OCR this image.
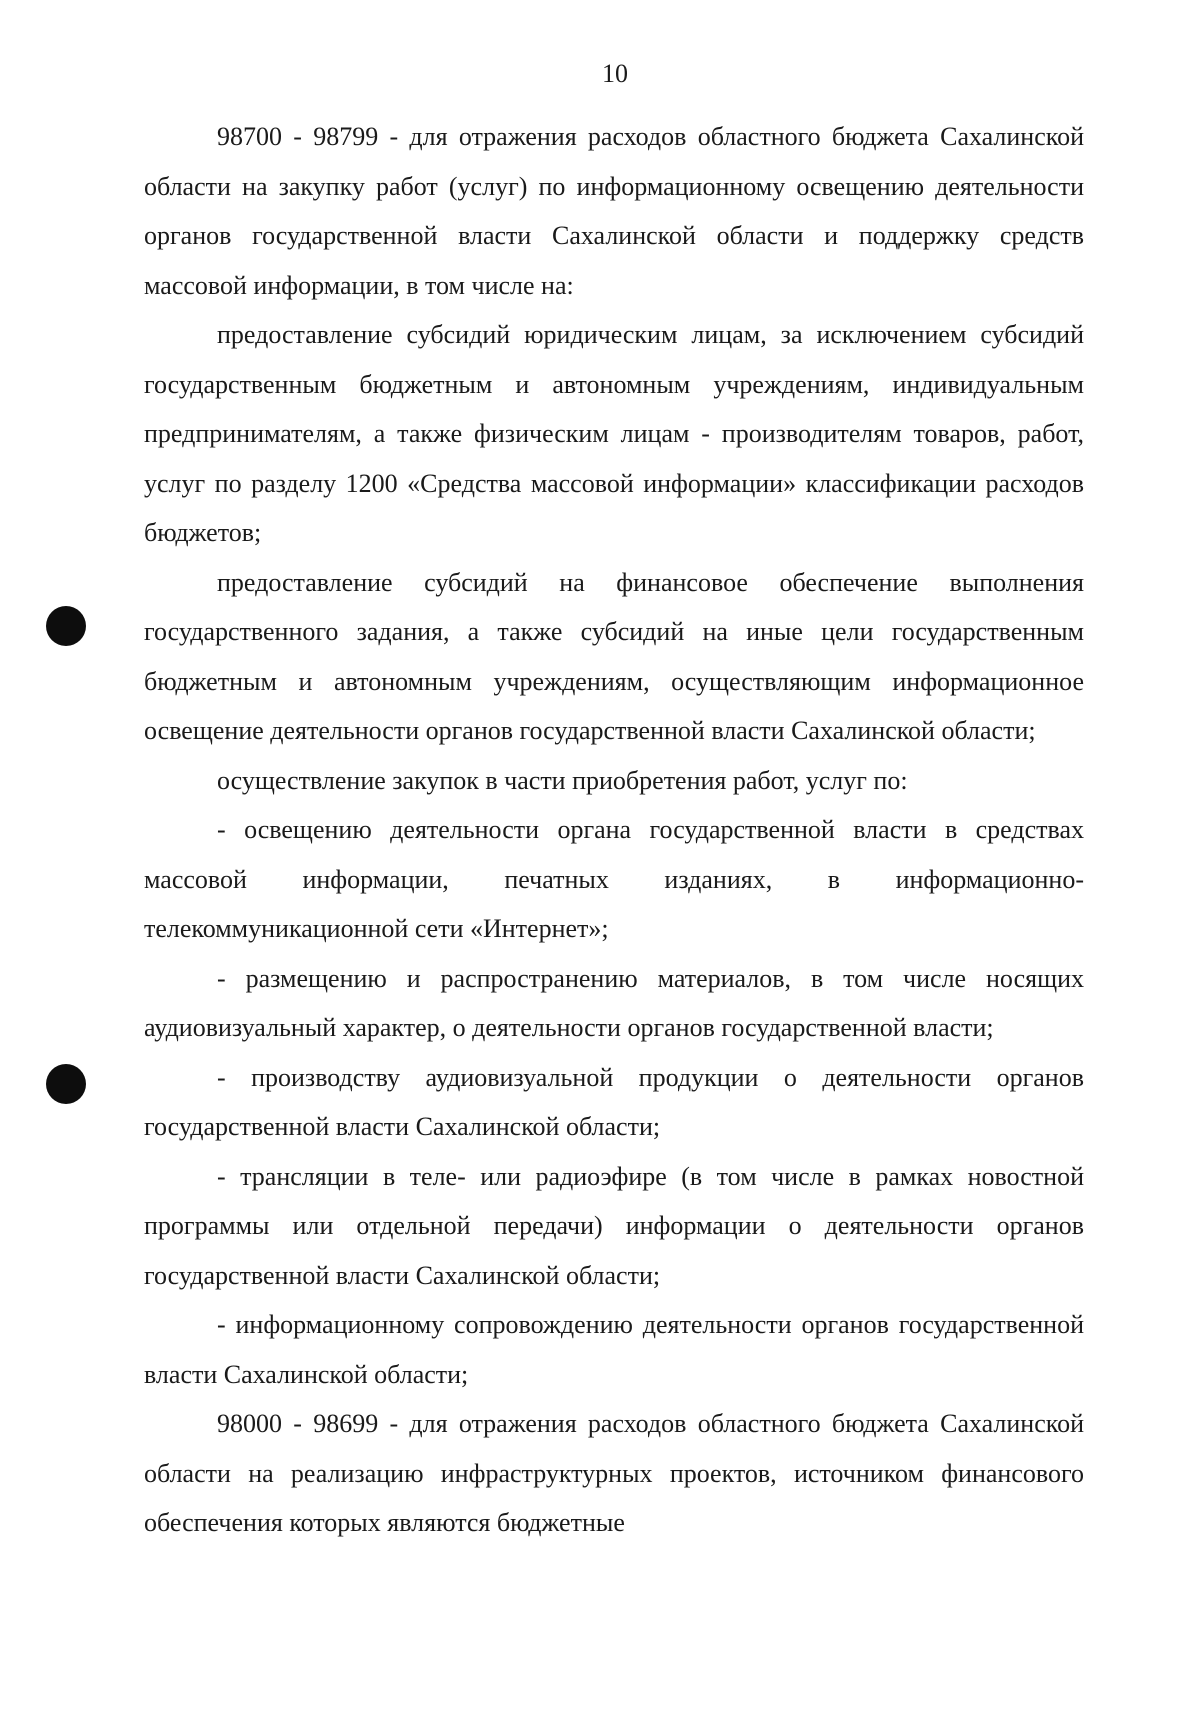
10

98700 - 98799 - для отражения расходов областного бюджета Сахалинской области на закупку работ (услуг) по информационному освещению деятельности органов государственной власти Сахалинской области и поддержку средств массовой информации, в том числе на:

предоставление субсидий юридическим лицам, за исключением субсидий государственным бюджетным и автономным учреждениям, индивидуальным предпринимателям, а также физическим лицам - производителям товаров, работ, услуг по разделу 1200 «Средства массовой информации» классификации расходов бюджетов;

предоставление субсидий на финансовое обеспечение выполнения государственного задания, а также субсидий на иные цели государственным бюджетным и автономным учреждениям, осуществляющим информационное освещение деятельности органов государственной власти Сахалинской области;

осуществление закупок в части приобретения работ, услуг по:

- освещению деятельности органа государственной власти в средствах массовой информации, печатных изданиях, в информационно-телекоммуникационной сети «Интернет»;

- размещению и распространению материалов, в том числе носящих аудиовизуальный характер, о деятельности органов государственной власти;

- производству аудиовизуальной продукции о деятельности органов государственной власти Сахалинской области;

- трансляции в теле- или радиоэфире (в том числе в рамках новостной программы или отдельной передачи) информации о деятельности органов государственной власти Сахалинской области;

- информационному сопровождению деятельности органов государственной власти Сахалинской области;

98000 - 98699 - для отражения расходов областного бюджета Сахалинской области на реализацию инфраструктурных проектов, источником финансового обеспечения которых являются бюджетные
